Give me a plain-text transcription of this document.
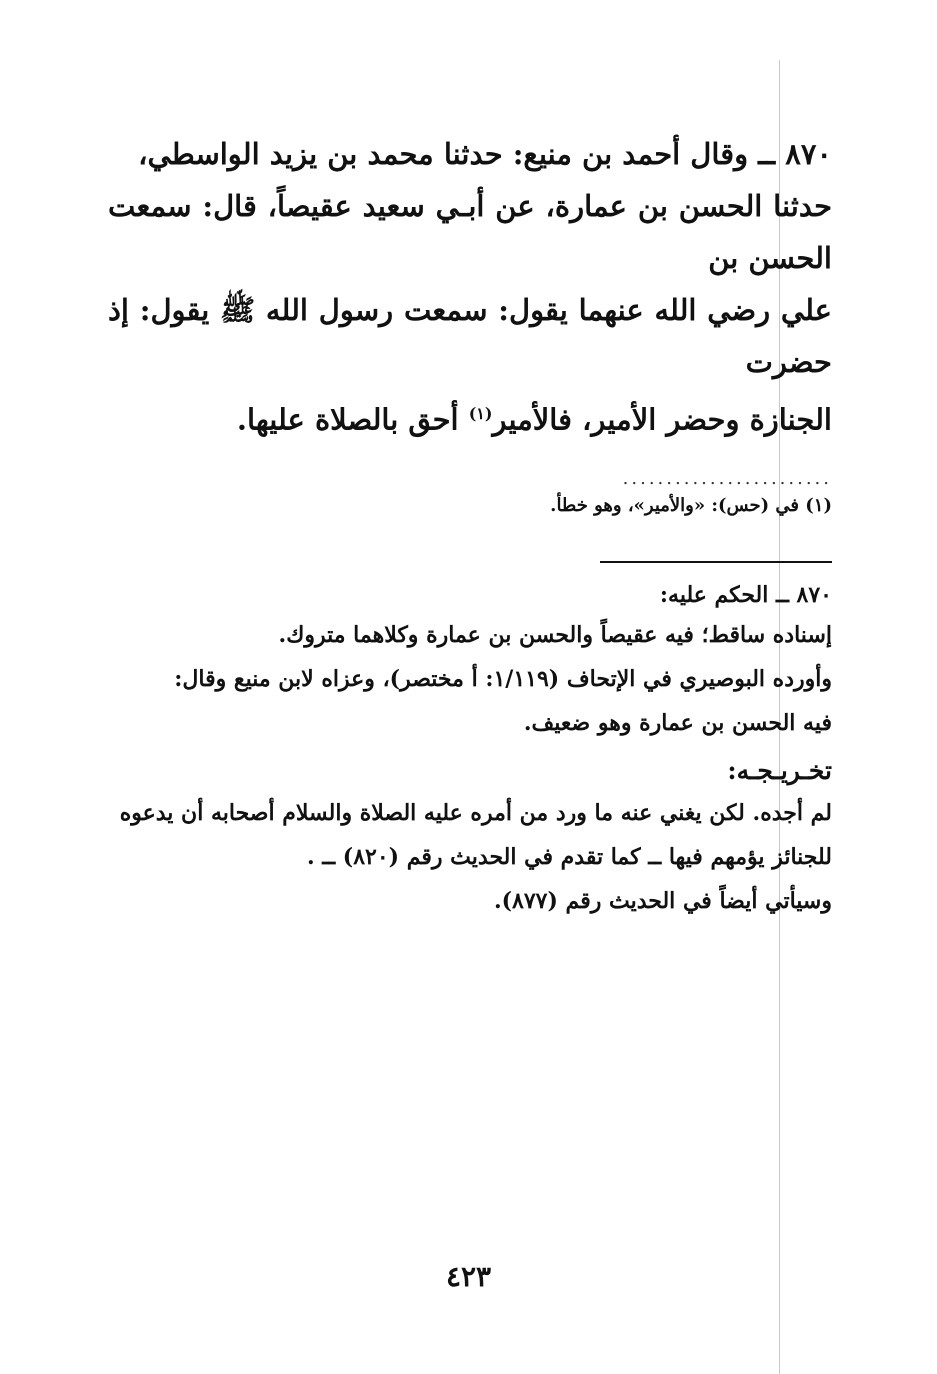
٨٧٠ ــ وقال أحمد بن منيع: حدثنا محمد بن يزيد الواسطي،

حدثنا الحسن بن عمارة، عن أبـي سعيد عقيصاً، قال: سمعت الحسن بن

علي رضي الله عنهما يقول: سمعت رسول الله ﷺ يقول: إذ حضرت

الجنازة وحضر الأمير، فالأمير$^{(١)}$ أحق بالصلاة عليها.

........................
(١) في (حس): «والأمير»، وهو خطأ.

٨٧٠ ــ الحكم عليه:

إسناده ساقط؛ فيه عقيصاً والحسن بن عمارة وكلاهما متروك.

وأورده البوصيري في الإتحاف (١/١١٩: أ مختصر)، وعزاه لابن منيع وقال:

فيه الحسن بن عمارة وهو ضعيف.

تخـريـجـه:

لم أجده. لكن يغني عنه ما ورد من أمره عليه الصلاة والسلام أصحابه أن يدعوه

للجنائز يؤمهم فيها ــ كما تقدم في الحديث رقم (٨٢٠) ــ .

وسيأتي أيضاً في الحديث رقم (٨٧٧).

٤٢٣
